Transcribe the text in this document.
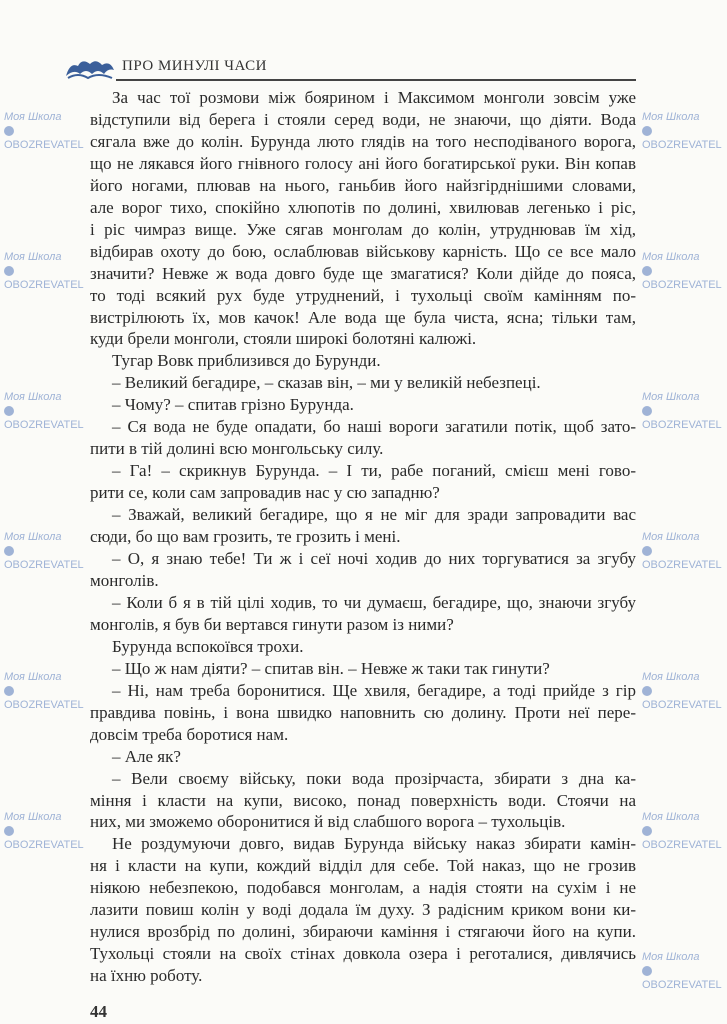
ПРО МИНУЛІ ЧАСИ
За час тої розмови між боярином і Максимом монголи зовсім уже
відступили від берега і стояли серед води, не знаючи, що діяти. Вода
сягала вже до колін. Бурунда люто глядів на того несподіваного ворога,
що не лякався його гнівного голосу ані його богатирської руки. Він копав
його ногами, плював на нього, ганьбив його найзгірднішими словами,
але ворог тихо, спокійно хлюпотів по долині, хвилював легенько і ріс,
і ріс чимраз вище. Уже сягав монголам до колін, утруднював їм хід,
відбирав охоту до бою, ослаблював військову карність. Що се все мало
значити? Невже ж вода довго буде ще змагатися? Коли дійде до пояса,
то тоді всякий рух буде утруднений, і тухольці своїм камінням по-
вистрілюють їх, мов качок! Але вода ще була чиста, ясна; тільки там,
куди брели монголи, стояли широкі болотяні калюжі.
Тугар Вовк приблизився до Бурунди.
– Великий бегадире, – сказав він, – ми у великій небезпеці.
– Чому? – спитав грізно Бурунда.
– Ся вода не буде опадати, бо наші вороги загатили потік, щоб зато-
пити в тій долині всю монгольську силу.
– Га! – скрикнув Бурунда. – І ти, рабе поганий, смієш мені гово-
рити се, коли сам запровадив нас у сю западню?
– Зважай, великий бегадире, що я не міг для зради запровадити вас
сюди, бо що вам грозить, те грозить і мені.
– О, я знаю тебе! Ти ж і сеї ночі ходив до них торгуватися за згубу
монголів.
– Коли б я в тій цілі ходив, то чи думаєш, бегадире, що, знаючи згубу
монголів, я був би вертався гинути разом із ними?
Бурунда вспокоївся трохи.
– Що ж нам діяти? – спитав він. – Невже ж таки так гинути?
– Ні, нам треба боронитися. Ще хвиля, бегадире, а тоді прийде з гір
правдива повінь, і вона швидко наповнить сю долину. Проти неї пере-
довсім треба боротися нам.
– Але як?
– Вели своєму війську, поки вода прозірчаста, збирати з дна ка-
міння і класти на купи, високо, понад поверхність води. Стоячи на
них, ми зможемо оборонитися й від слабшого ворога – тухольців.
Не роздумуючи довго, видав Бурунда війську наказ збирати камін-
ня і класти на купи, кождий відділ для себе. Той наказ, що не грозив
ніякою небезпекою, подобався монголам, а надія стояти на сухім і не
лазити повиш колін у воді додала їм духу. З радісним криком вони ки-
нулися врозбрід по долині, збираючи каміння і стягаючи його на купи.
Тухольці стояли на своїх стінах довкола озера і реготалися, дивлячись
на їхню роботу.
44
Моя Школа
OBOZREVATEL
Моя Школа
OBOZREVATEL
Моя Школа
OBOZREVATEL
Моя Школа
OBOZREVATEL
Моя Школа
OBOZREVATEL
Моя Школа
OBOZREVATEL
Моя Школа
OBOZREVATEL
Моя Школа
OBOZREVATEL
Моя Школа
OBOZREVATEL
Моя Школа
OBOZREVATEL
Моя Школа
OBOZREVATEL
Моя Школа
OBOZREVATEL
Моя Школа
OBOZREVATEL
